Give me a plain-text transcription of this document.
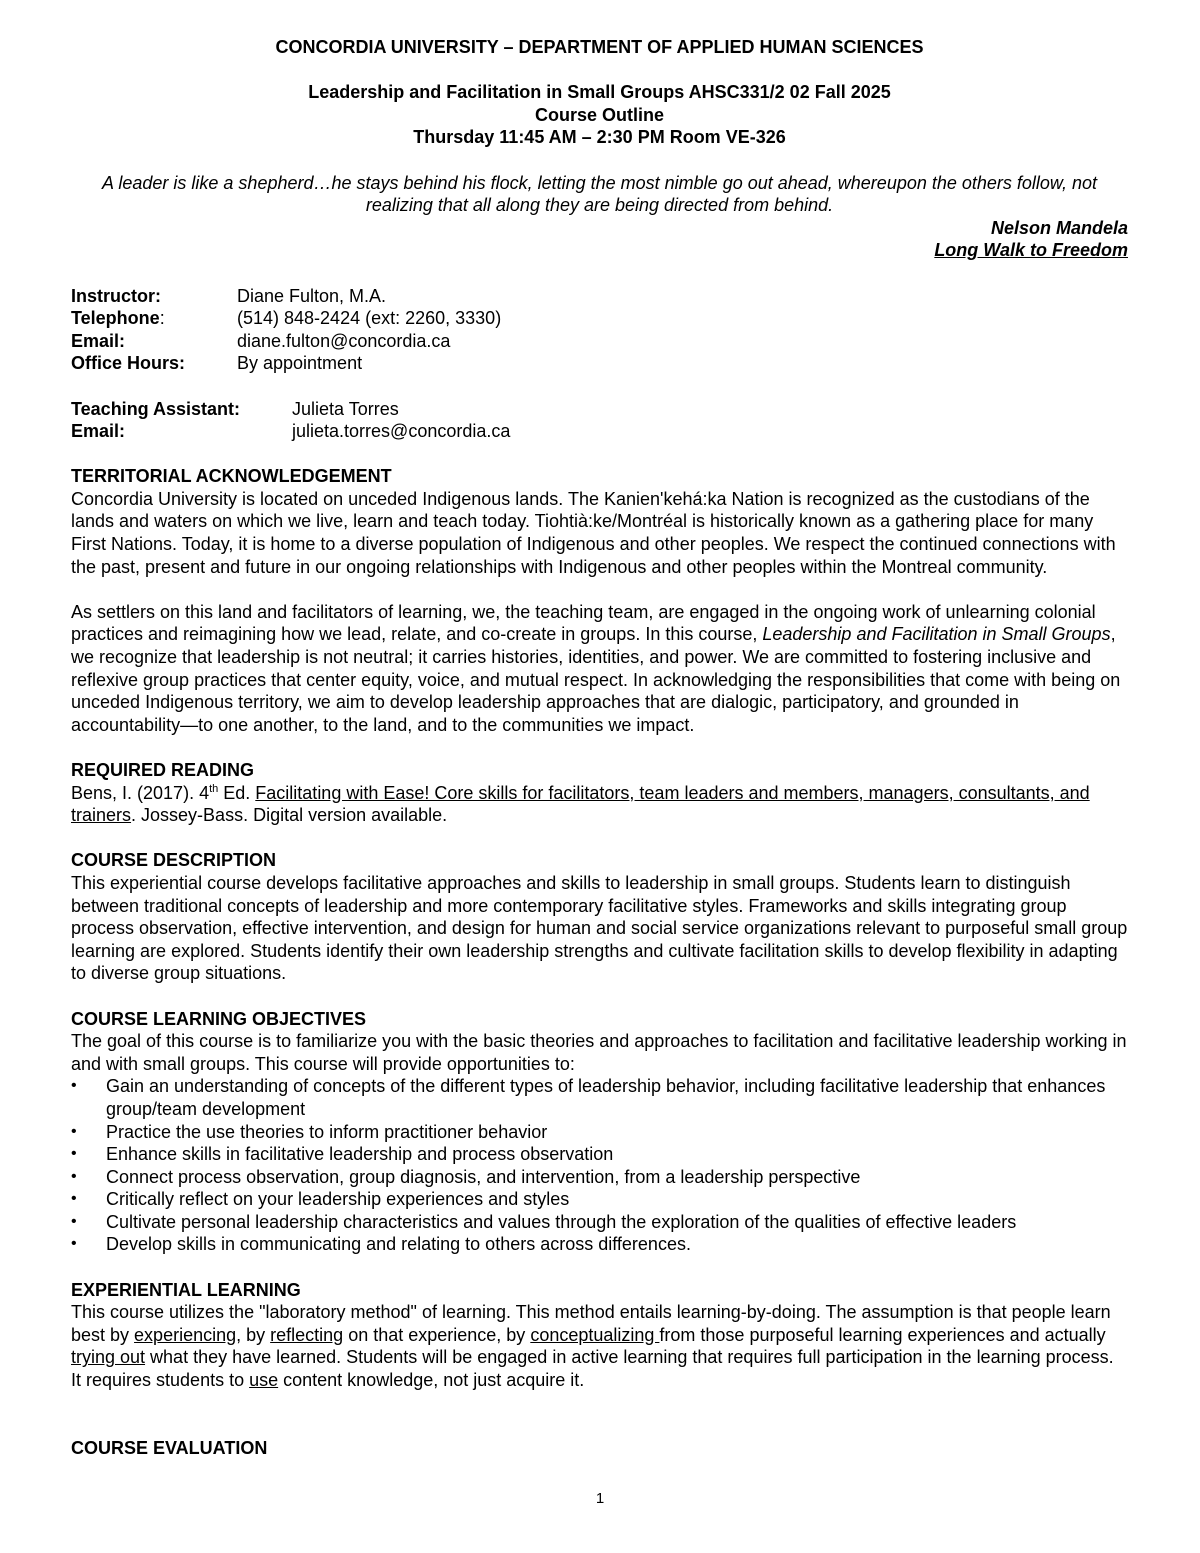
CONCORDIA UNIVERSITY – DEPARTMENT OF APPLIED HUMAN SCIENCES

Leadership and Facilitation in Small Groups AHSC331/2 02 Fall 2025

Course Outline

Thursday 11:45 AM – 2:30 PM Room VE-326

A leader is like a shepherd…he stays behind his flock, letting the most nimble go out ahead, whereupon the others follow, not realizing that all along they are being directed from behind.

Nelson Mandela

Long Walk to Freedom

Instructor:	Diane Fulton, M.A.
Telephone:	(514) 848-2424 (ext: 2260, 3330)
Email:	diane.fulton@concordia.ca
Office Hours:	By appointment
Teaching Assistant:	Julieta Torres
Email:	julieta.torres@concordia.ca

TERRITORIAL ACKNOWLEDGEMENT

Concordia University is located on unceded Indigenous lands. The Kanien'kehá:ka Nation is recognized as the custodians of the lands and waters on which we live, learn and teach today. Tiohtià:ke/Montréal is historically known as a gathering place for many First Nations. Today, it is home to a diverse population of Indigenous and other peoples. We respect the continued connections with the past, present and future in our ongoing relationships with Indigenous and other peoples within the Montreal community.

As settlers on this land and facilitators of learning, we, the teaching team, are engaged in the ongoing work of unlearning colonial practices and reimagining how we lead, relate, and co-create in groups. In this course, Leadership and Facilitation in Small Groups, we recognize that leadership is not neutral; it carries histories, identities, and power. We are committed to fostering inclusive and reflexive group practices that center equity, voice, and mutual respect. In acknowledging the responsibilities that come with being on unceded Indigenous territory, we aim to develop leadership approaches that are dialogic, participatory, and grounded in accountability—to one another, to the land, and to the communities we impact.

REQUIRED READING

Bens, I. (2017). 4th Ed. Facilitating with Ease! Core skills for facilitators, team leaders and members, managers, consultants, and trainers. Jossey-Bass. Digital version available.

COURSE DESCRIPTION

This experiential course develops facilitative approaches and skills to leadership in small groups. Students learn to distinguish between traditional concepts of leadership and more contemporary facilitative styles. Frameworks and skills integrating group process observation, effective intervention, and design for human and social service organizations relevant to purposeful small group learning are explored. Students identify their own leadership strengths and cultivate facilitation skills to develop flexibility in adapting to diverse group situations.

COURSE LEARNING OBJECTIVES

The goal of this course is to familiarize you with the basic theories and approaches to facilitation and facilitative leadership working in and with small groups. This course will provide opportunities to:

•	Gain an understanding of concepts of the different types of leadership behavior, including facilitative leadership that enhances group/team development
•	Practice the use theories to inform practitioner behavior
•	Enhance skills in facilitative leadership and process observation
•	Connect process observation, group diagnosis, and intervention, from a leadership perspective
•	Critically reflect on your leadership experiences and styles
•	Cultivate personal leadership characteristics and values through the exploration of the qualities of effective leaders
•	Develop skills in communicating and relating to others across differences.

EXPERIENTIAL LEARNING

This course utilizes the "laboratory method" of learning. This method entails learning-by-doing. The assumption is that people learn best by experiencing, by reflecting on that experience, by conceptualizing from those purposeful learning experiences and actually trying out what they have learned. Students will be engaged in active learning that requires full participation in the learning process. It requires students to use content knowledge, not just acquire it.

COURSE EVALUATION

1
